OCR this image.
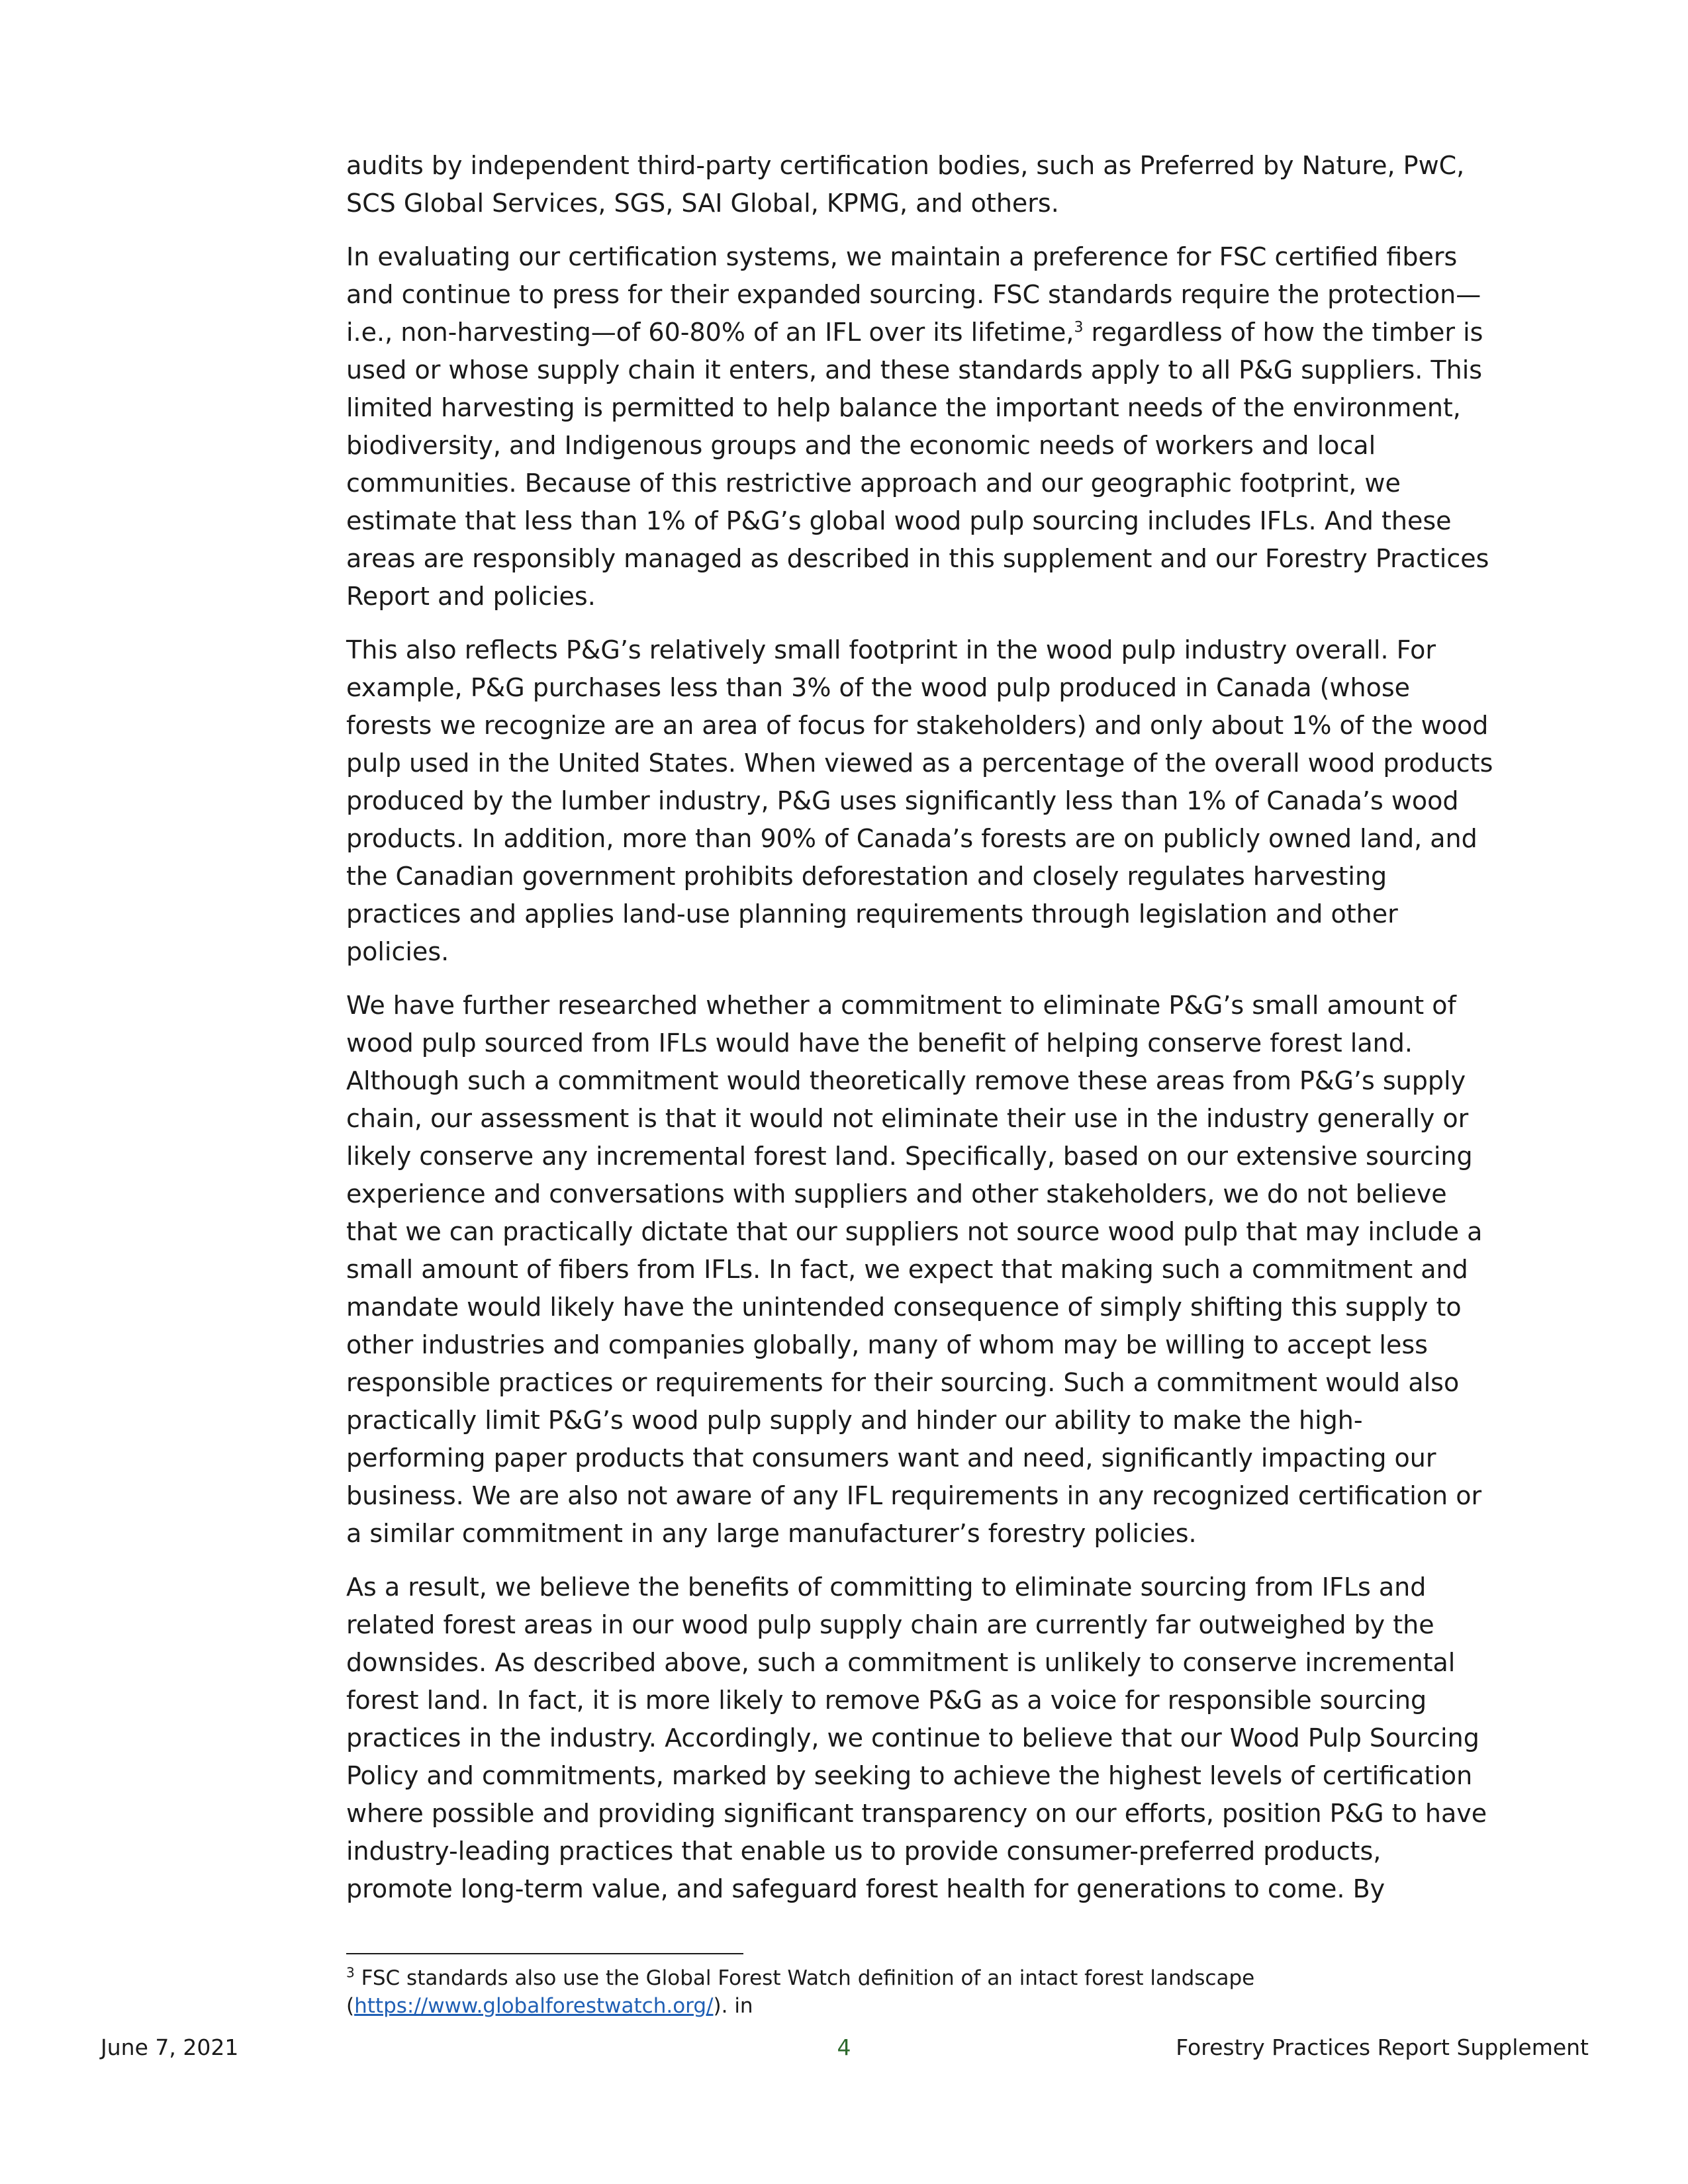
audits by independent third-party certification bodies, such as Preferred by Nature, PwC, SCS Global Services, SGS, SAI Global, KPMG, and others.

In evaluating our certification systems, we maintain a preference for FSC certified fibers and continue to press for their expanded sourcing. FSC standards require the protection—i.e., non-harvesting—of 60-80% of an IFL over its lifetime,$^3$ regardless of how the timber is used or whose supply chain it enters, and these standards apply to all P&G suppliers. This limited harvesting is permitted to help balance the important needs of the environment, biodiversity, and Indigenous groups and the economic needs of workers and local communities. Because of this restrictive approach and our geographic footprint, we estimate that less than 1% of P&G’s global wood pulp sourcing includes IFLs. And these areas are responsibly managed as described in this supplement and our Forestry Practices Report and policies.

This also reflects P&G’s relatively small footprint in the wood pulp industry overall. For example, P&G purchases less than 3% of the wood pulp produced in Canada (whose forests we recognize are an area of focus for stakeholders) and only about 1% of the wood pulp used in the United States. When viewed as a percentage of the overall wood products produced by the lumber industry, P&G uses significantly less than 1% of Canada’s wood products. In addition, more than 90% of Canada’s forests are on publicly owned land, and the Canadian government prohibits deforestation and closely regulates harvesting practices and applies land-use planning requirements through legislation and other policies.

We have further researched whether a commitment to eliminate P&G’s small amount of wood pulp sourced from IFLs would have the benefit of helping conserve forest land. Although such a commitment would theoretically remove these areas from P&G’s supply chain, our assessment is that it would not eliminate their use in the industry generally or likely conserve any incremental forest land. Specifically, based on our extensive sourcing experience and conversations with suppliers and other stakeholders, we do not believe that we can practically dictate that our suppliers not source wood pulp that may include a small amount of fibers from IFLs. In fact, we expect that making such a commitment and mandate would likely have the unintended consequence of simply shifting this supply to other industries and companies globally, many of whom may be willing to accept less responsible practices or requirements for their sourcing. Such a commitment would also practically limit P&G’s wood pulp supply and hinder our ability to make the high-performing paper products that consumers want and need, significantly impacting our business. We are also not aware of any IFL requirements in any recognized certification or a similar commitment in any large manufacturer’s forestry policies.

As a result, we believe the benefits of committing to eliminate sourcing from IFLs and related forest areas in our wood pulp supply chain are currently far outweighed by the downsides. As described above, such a commitment is unlikely to conserve incremental forest land. In fact, it is more likely to remove P&G as a voice for responsible sourcing practices in the industry. Accordingly, we continue to believe that our Wood Pulp Sourcing Policy and commitments, marked by seeking to achieve the highest levels of certification where possible and providing significant transparency on our efforts, position P&G to have industry-leading practices that enable us to provide consumer-preferred products, promote long-term value, and safeguard forest health for generations to come. By

$^3$ FSC standards also use the Global Forest Watch definition of an intact forest landscape (https://www.globalforestwatch.org/). in

June 7, 2021	4	Forestry Practices Report Supplement
